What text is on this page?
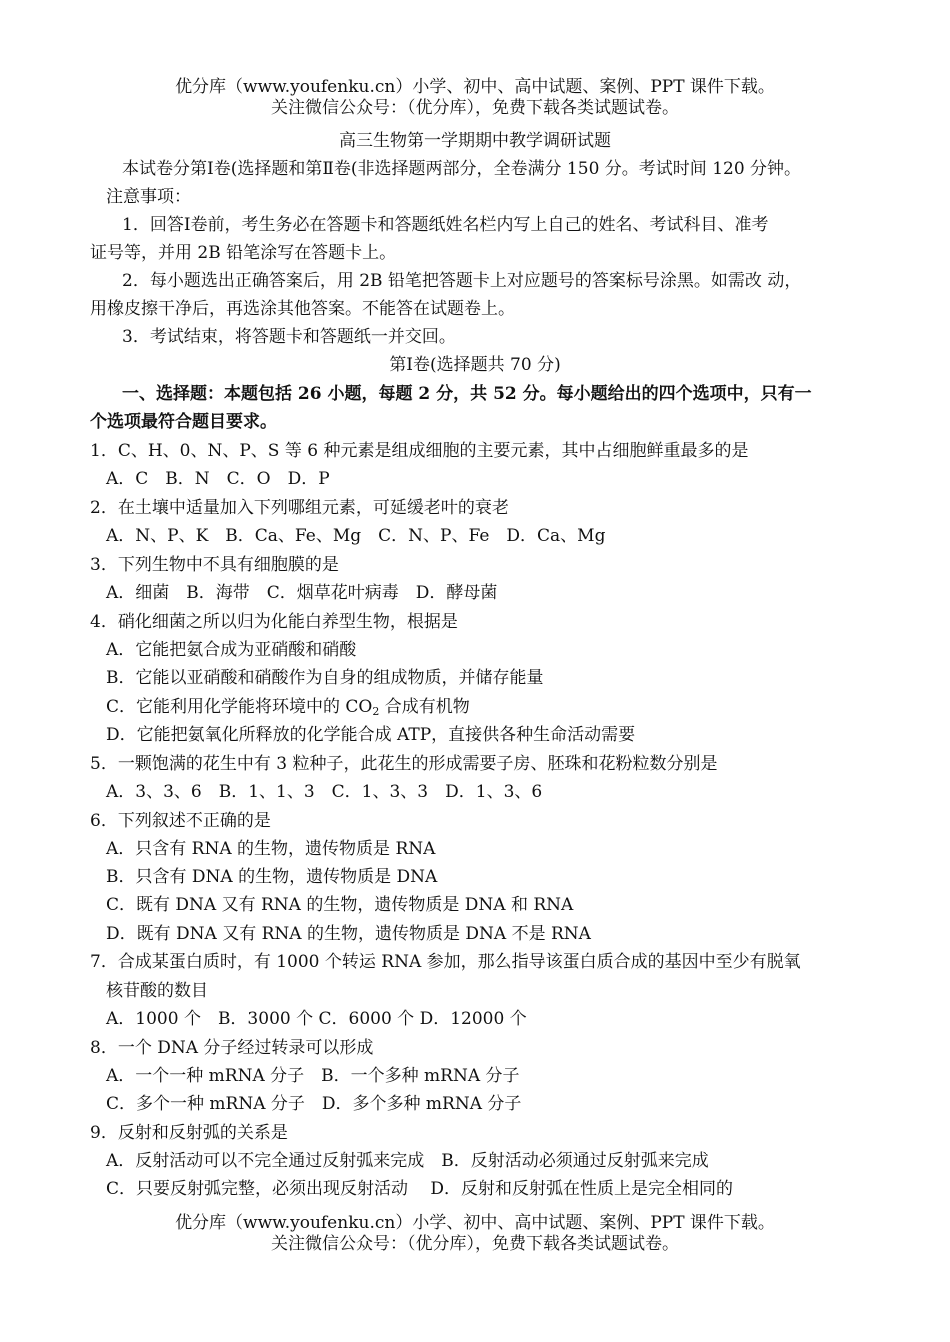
优分库（www.youfenku.cn）小学、初中、高中试题、案例、PPT 课件下载。
关注微信公众号：（优分库），免费下载各类试题试卷。
高三生物第一学期期中教学调研试题
本试卷分第Ⅰ卷(选择题和第Ⅱ卷(非选择题两部分，全卷满分 150 分。考试时间 120 分钟。
注意事项：
1．回答Ⅰ卷前，考生务必在答题卡和答题纸姓名栏内写上自己的姓名、考试科目、准考
证号等，并用 2B 铅笔涂写在答题卡上。
2．每小题选出正确答案后，用 2B 铅笔把答题卡上对应题号的答案标号涂黑。如需改 动，
用橡皮擦干净后，再选涂其他答案。不能答在试题卷上。
3．考试结束，将答题卡和答题纸一并交回。
第Ⅰ卷(选择题共 70 分)
一、选择题：本题包括 26 小题，每题 2 分，共 52 分。每小题给出的四个选项中，只有一
个选项最符合题目要求。
1．C、H、0、N、P、S 等 6 种元素是组成细胞的主要元素，其中占细胞鲜重最多的是
A．C　B．N　C．O　D．P
2．在土壤中适量加入下列哪组元素，可延缓老叶的衰老
A．N、P、K　B．Ca、Fe、Mg　C．N、P、Fe　D．Ca、Mg
3．下列生物中不具有细胞膜的是
A．细菌　B．海带　C．烟草花叶病毒　D．酵母菌
4．硝化细菌之所以归为化能白养型生物，根据是
A．它能把氨合成为亚硝酸和硝酸
B．它能以亚硝酸和硝酸作为自身的组成物质，并储存能量
C．它能利用化学能将环境中的 $CO_2$ 合成有机物
D．它能把氨氧化所释放的化学能合成 ATP，直接供各种生命活动需要
5．一颗饱满的花生中有 3 粒种子，此花生的形成需要子房、胚珠和花粉粒数分别是
A．3、3、6　B．1、1、3　C．1、3、3　D．1、3、6
6．下列叙述不正确的是
A．只含有 RNA 的生物，遗传物质是 RNA
B．只含有 DNA 的生物，遗传物质是 DNA
C．既有 DNA 又有 RNA 的生物，遗传物质是 DNA 和 RNA
D．既有 DNA 又有 RNA 的生物，遗传物质是 DNA 不是 RNA
7．合成某蛋白质时，有 1000 个转运 RNA 参加，那么指导该蛋白质合成的基因中至少有脱氧
核苷酸的数目
A．1000 个　B．3000 个 C．6000 个 D．12000 个
8．一个 DNA 分子经过转录可以形成
A．一个一种 mRNA 分子　B．一个多种 mRNA 分子
C．多个一种 mRNA 分子　D．多个多种 mRNA 分子
9．反射和反射弧的关系是
A．反射活动可以不完全通过反射弧来完成　B．反射活动必须通过反射弧来完成
C．只要反射弧完整，必须出现反射活动　 D．反射和反射弧在性质上是完全相同的
优分库（www.youfenku.cn）小学、初中、高中试题、案例、PPT 课件下载。
关注微信公众号：（优分库），免费下载各类试题试卷。
